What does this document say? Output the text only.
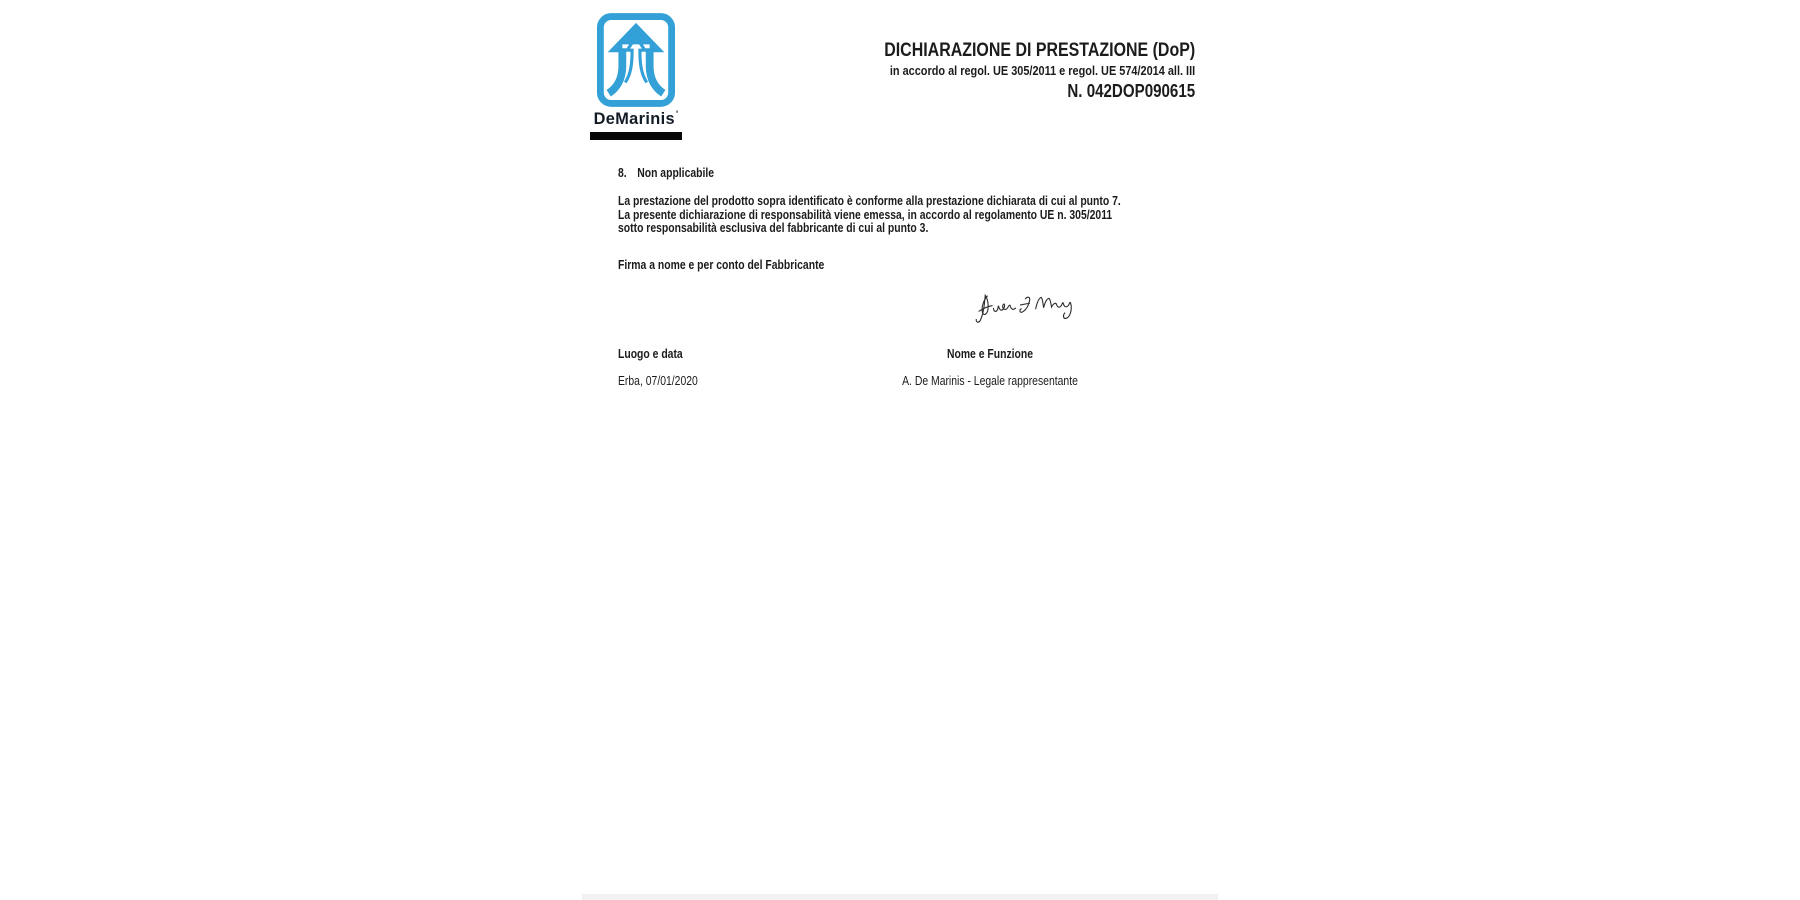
DeMarinis'
DICHIARAZIONE DI PRESTAZIONE (DoP)
in accordo al regol. UE 305/2011 e regol. UE 574/2014 all. III
N. 042DOP090615
8. Non applicabile
La prestazione del prodotto sopra identificato è conforme alla prestazione dichiarata di cui al punto 7.
La presente dichiarazione di responsabilità viene emessa, in accordo al regolamento UE n. 305/2011
sotto responsabilità esclusiva del fabbricante di cui al punto 3.
Firma a nome e per conto del Fabbricante
Luogo e data	Nome e Funzione
Erba, 07/01/2020	A. De Marinis - Legale rappresentante
